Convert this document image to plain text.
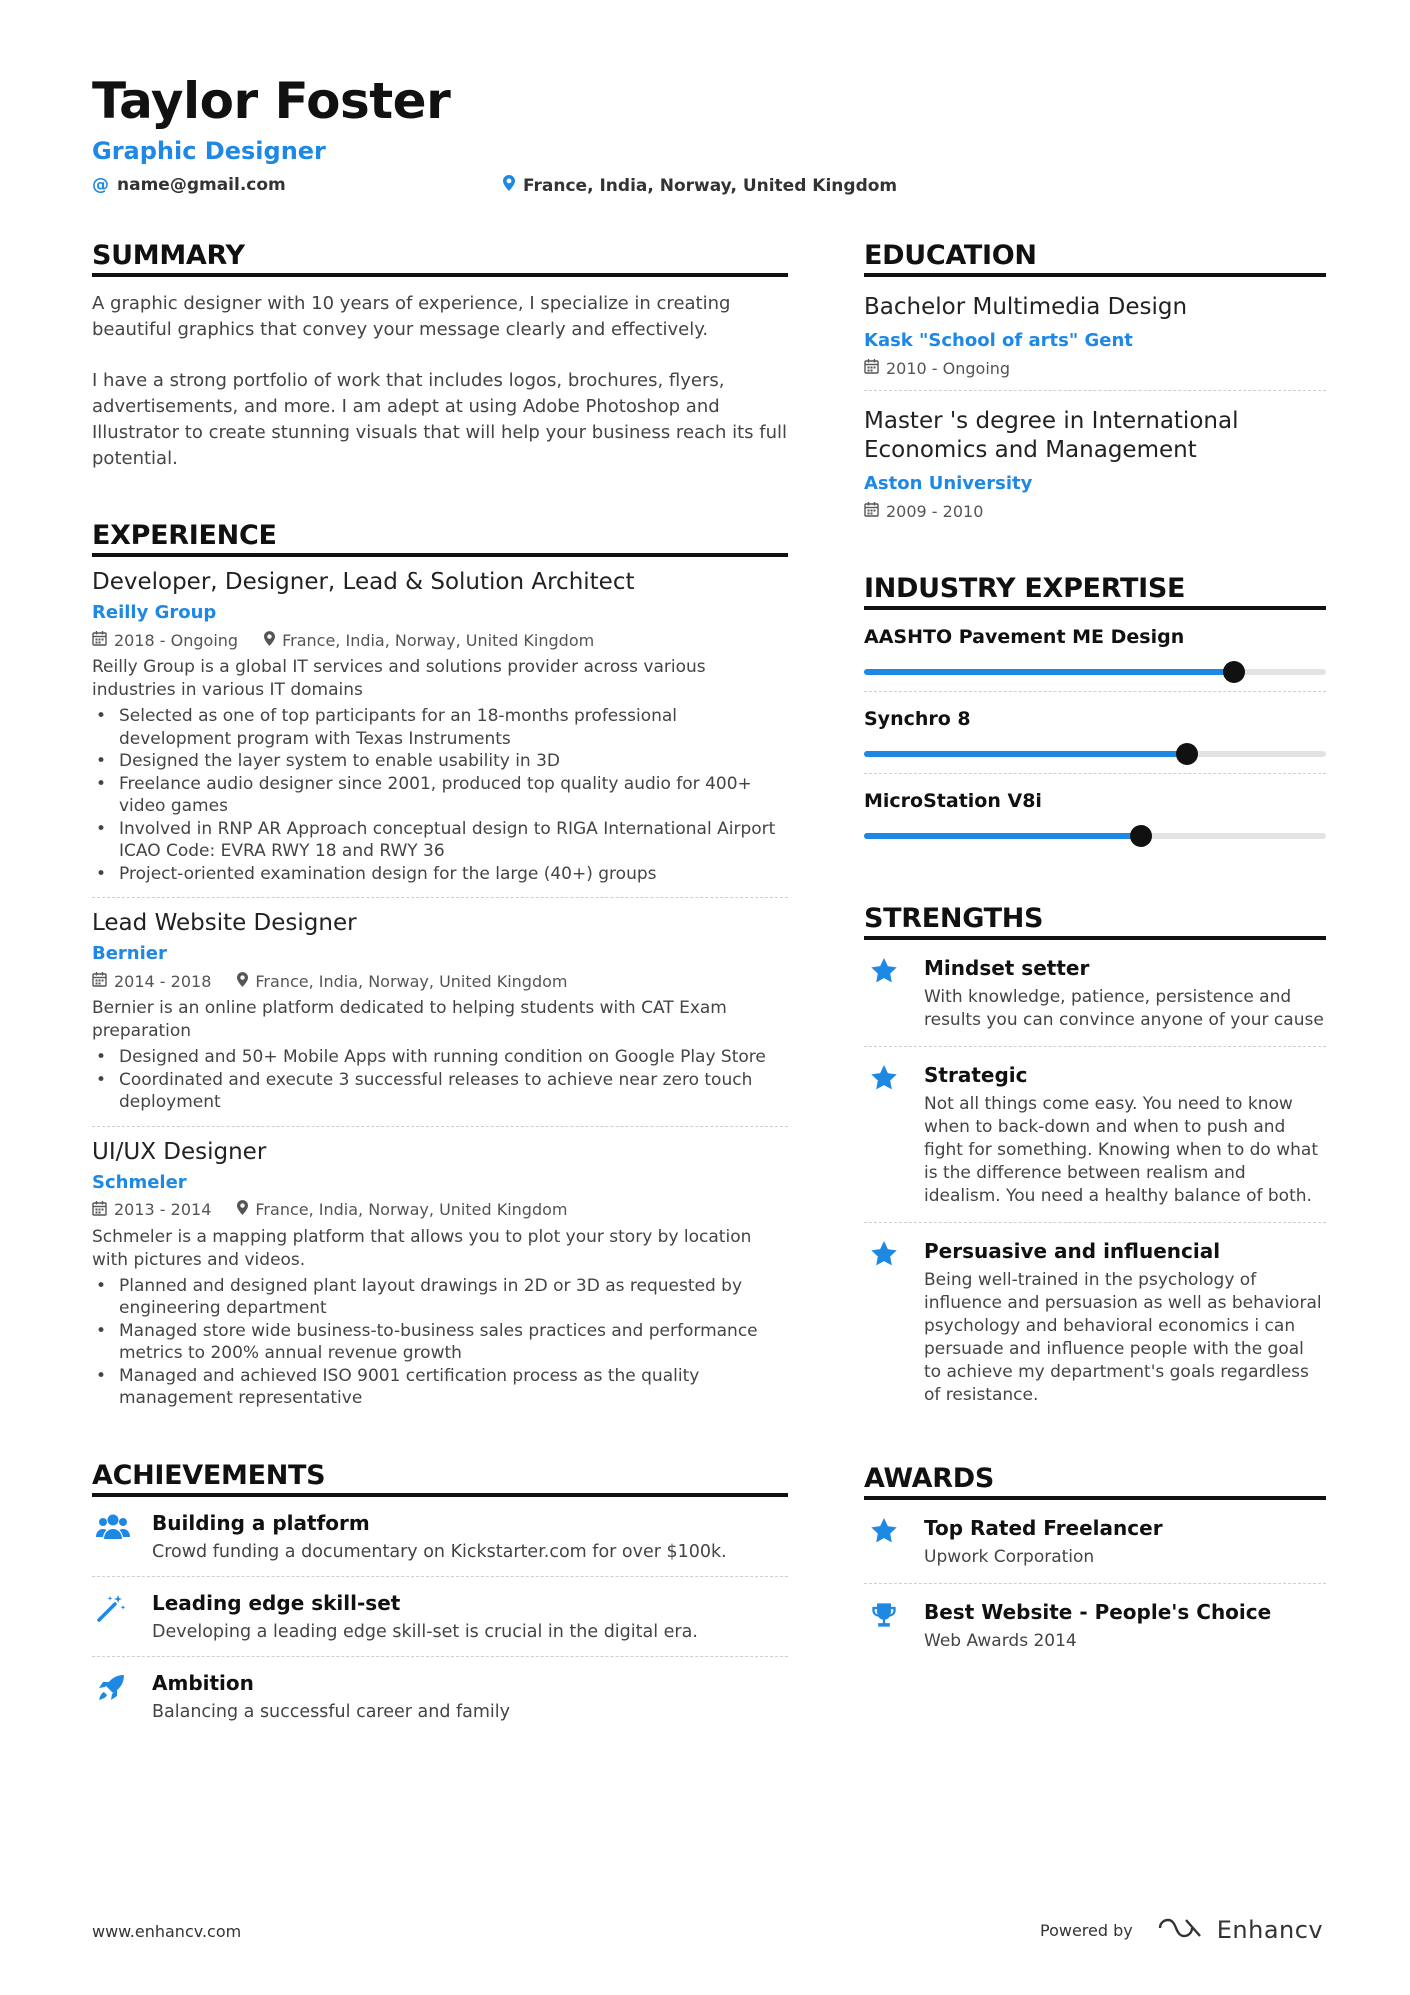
Taylor Foster
Graphic Designer
@ name@gmail.com	France, India, Norway, United Kingdom
SUMMARY

A graphic designer with 10 years of experience, I specialize in creating beautiful graphics that convey your message clearly and effectively.

I have a strong portfolio of work that includes logos, brochures, flyers, advertisements, and more. I am adept at using Adobe Photoshop and Illustrator to create stunning visuals that will help your business reach its full potential.

EXPERIENCE
Developer, Designer, Lead & Solution Architect
Reilly Group
2018 - Ongoing	France, India, Norway, United Kingdom
Reilly Group is a global IT services and solutions provider across various industries in various IT domains
• Selected as one of top participants for an 18-months professional development program with Texas Instruments
• Designed the layer system to enable usability in 3D
• Freelance audio designer since 2001, produced top quality audio for 400+ video games
• Involved in RNP AR Approach conceptual design to RIGA International Airport ICAO Code: EVRA RWY 18 and RWY 36
• Project-oriented examination design for the large (40+) groups
Lead Website Designer
Bernier
2014 - 2018	France, India, Norway, United Kingdom
Bernier is an online platform dedicated to helping students with CAT Exam preparation
• Designed and 50+ Mobile Apps with running condition on Google Play Store
• Coordinated and execute 3 successful releases to achieve near zero touch deployment
UI/UX Designer
Schmeler
2013 - 2014	France, India, Norway, United Kingdom
Schmeler is a mapping platform that allows you to plot your story by location with pictures and videos.
• Planned and designed plant layout drawings in 2D or 3D as requested by engineering department
• Managed store wide business-to-business sales practices and performance metrics to 200% annual revenue growth
• Managed and achieved ISO 9001 certification process as the quality management representative
ACHIEVEMENTS
Building a platform
Crowd funding a documentary on Kickstarter.com for over $100k.
Leading edge skill-set
Developing a leading edge skill-set is crucial in the digital era.
Ambition
Balancing a successful career and family
EDUCATION
Bachelor Multimedia Design
Kask "School of arts" Gent
2010 - Ongoing
Master 's degree in International Economics and Management
Aston University
2009 - 2010
INDUSTRY EXPERTISE
AASHTO Pavement ME Design
Synchro 8
MicroStation V8i
STRENGTHS
Mindset setter
With knowledge, patience, persistence and results you can convince anyone of your cause
Strategic
Not all things come easy. You need to know when to back-down and when to push and fight for something. Knowing when to do what is the difference between realism and idealism. You need a healthy balance of both.
Persuasive and influencial
Being well-trained in the psychology of influence and persuasion as well as behavioral psychology and behavioral economics i can persuade and influence people with the goal to achieve my department's goals regardless of resistance.
AWARDS
Top Rated Freelancer
Upwork Corporation
Best Website - People's Choice
Web Awards 2014
www.enhancv.com	Powered by	Enhancv
